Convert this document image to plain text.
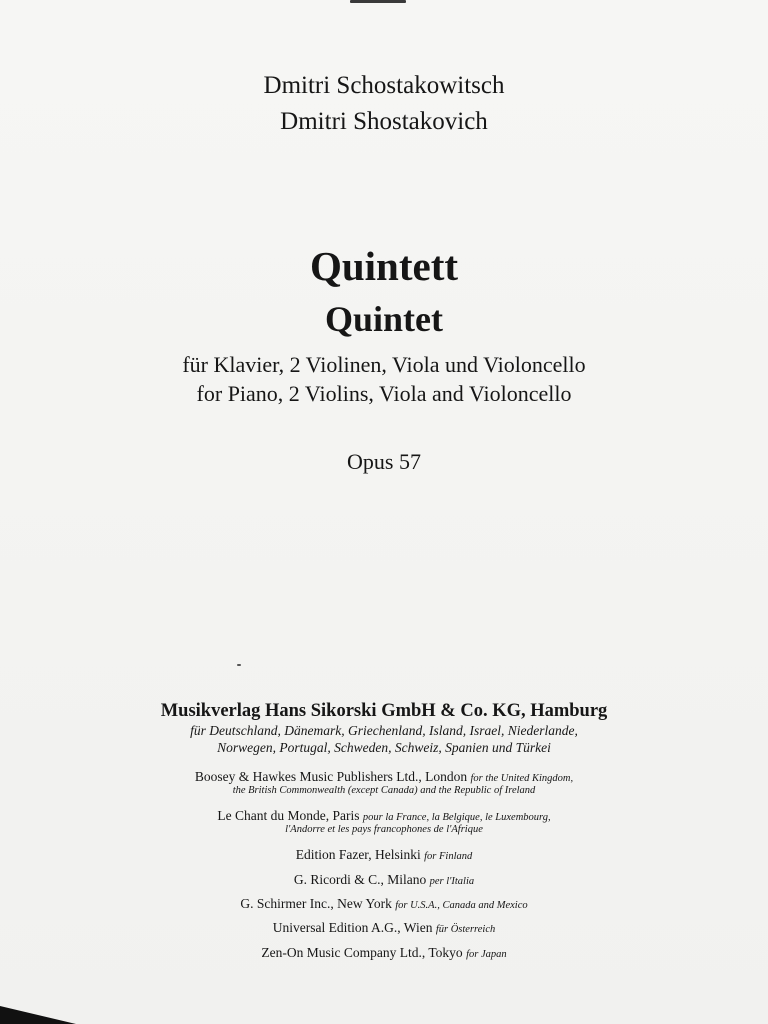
Dmitri Schostakowitsch
Dmitri Shostakovich
Quintett
Quintet
für Klavier, 2 Violinen, Viola und Violoncello
for Piano, 2 Violins, Viola and Violoncello
Opus 57
Musikverlag Hans Sikorski GmbH & Co. KG, Hamburg
für Deutschland, Dänemark, Griechenland, Island, Israel, Niederlande,
Norwegen, Portugal, Schweden, Schweiz, Spanien und Türkei
Boosey & Hawkes Music Publishers Ltd., London for the United Kingdom,
the British Commonwealth (except Canada) and the Republic of Ireland
Le Chant du Monde, Paris pour la France, la Belgique, le Luxembourg,
l'Andorre et les pays francophones de l'Afrique
Edition Fazer, Helsinki for Finland
G. Ricordi & C., Milano per l'Italia
G. Schirmer Inc., New York for U.S.A., Canada and Mexico
Universal Edition A.G., Wien für Österreich
Zen-On Music Company Ltd., Tokyo for Japan
